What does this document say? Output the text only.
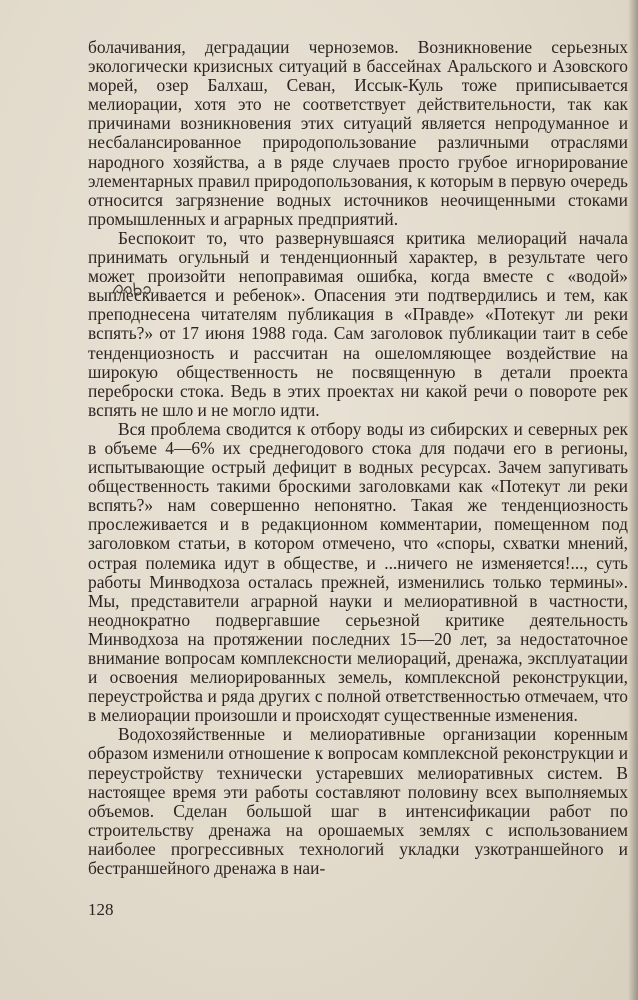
болачивания, деградации черноземов. Возникновение серьезных экологически кризисных ситуаций в бассейнах Аральского и Азовского морей, озер Балхаш, Севан, Иссык-Куль тоже приписывается мелиорации, хотя это не соответствует действительности, так как причинами возникновения этих ситуаций является непродуманное и несбалансированное природопользование различными отраслями народного хозяйства, а в ряде случаев просто грубое игнорирование элементарных правил природопользования, к которым в первую очередь относится загрязнение водных источников неочищенными стоками промышленных и аграрных предприятий.

Беспокоит то, что развернувшаяся критика мелиораций начала принимать огульный и тенденционный характер, в результате чего может произойти непоправимая ошибка, когда вместе с «водой» выплескивается и ребенок». Опасения эти подтвердились и тем, как преподнесена читателям публикация в «Правде» «Потекут ли реки вспять?» от 17 июня 1988 года. Сам заголовок публикации таит в себе тенденциозность и рассчитан на ошеломляющее воздействие на широкую общественность не посвященную в детали проекта переброски стока. Ведь в этих проектах ни какой речи о повороте рек вспять не шло и не могло идти.

Вся проблема сводится к отбору воды из сибирских и северных рек в объеме 4—6% их среднегодового стока для подачи его в регионы, испытывающие острый дефицит в водных ресурсах. Зачем запугивать общественность такими броскими заголовками как «Потекут ли реки вспять?» нам совершенно непонятно. Такая же тенденциозность прослеживается и в редакционном комментарии, помещенном под заголовком статьи, в котором отмечено, что «споры, схватки мнений, острая полемика идут в обществе, и ...ничего не изменяется!..., суть работы Минводхоза осталась прежней, изменились только термины». Мы, представители аграрной науки и мелиоративной в частности, неоднократно подвергавшие серьезной критике деятельность Минводхоза на протяжении последних 15—20 лет, за недостаточное внимание вопросам комплексности мелиораций, дренажа, эксплуатации и освоения мелиорированных земель, комплексной реконструкции, переустройства и ряда других с полной ответственностью отмечаем, что в мелиорации произошли и происходят существенные изменения.

Водохозяйственные и мелиоративные организации коренным образом изменили отношение к вопросам комплексной реконструкции и переустройству технически устаревших мелиоративных систем. В настоящее время эти работы составляют половину всех выполняемых объемов. Сделан большой шаг в интенсификации работ по строительству дренажа на орошаемых землях с использованием наиболее прогрессивных технологий укладки узкотраншейного и бестраншейного дренажа в наи-

128
